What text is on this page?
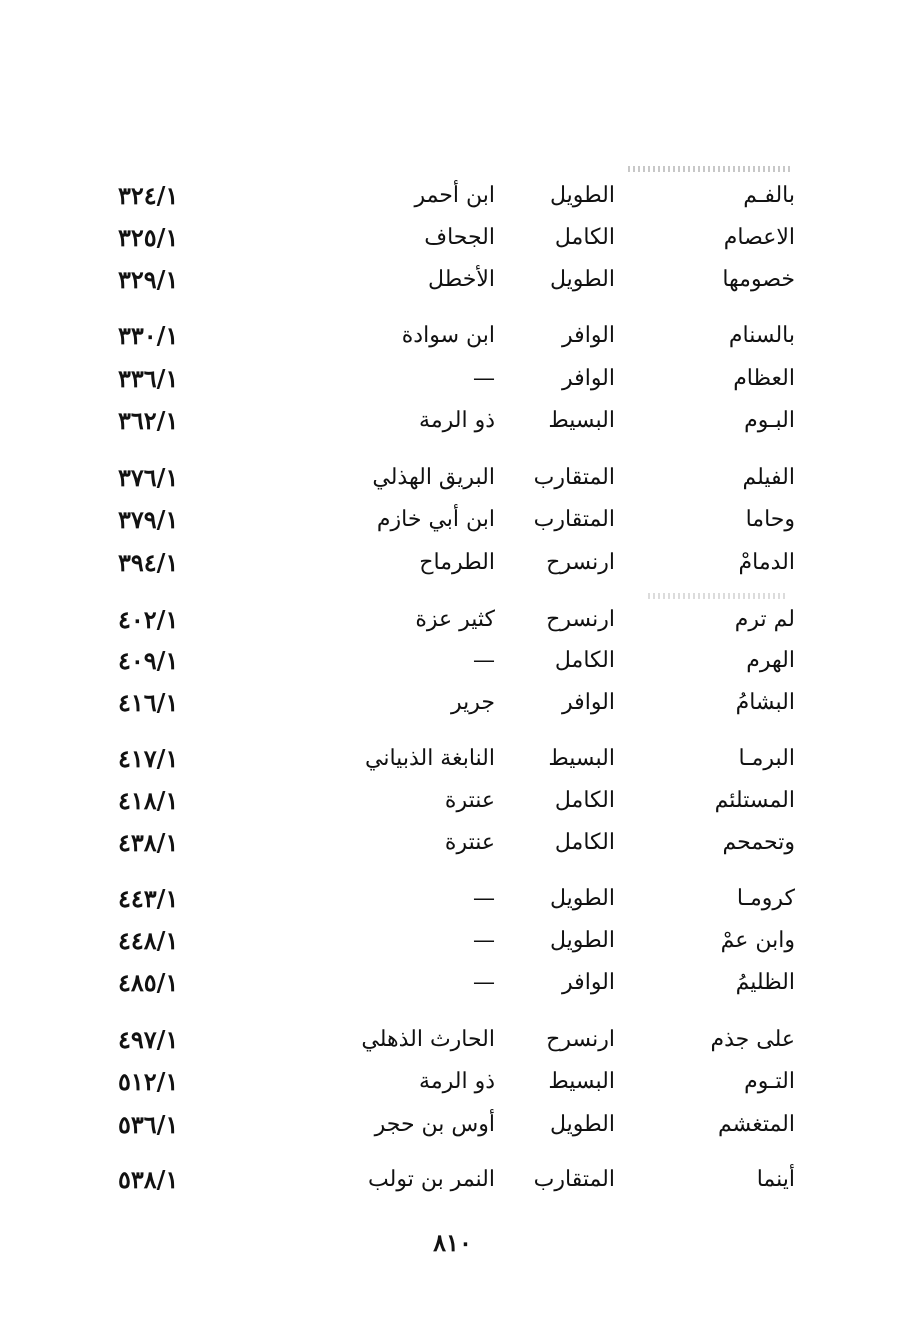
بالفـم
الطويل
ابن أحمر
٣٢٤/١
الاعصام
الكامل
الجحاف
٣٢٥/١
خصومها
الطويل
الأخطل
٣٢٩/١
بالسنام
الوافر
ابن سوادة
٣٣٠/١
العظام
الوافر
—
٣٣٦/١
البـوم
البسيط
ذو الرمة
٣٦٢/١
الفيلم
المتقارب
البريق الهذلي
٣٧٦/١
وحاما
المتقارب
ابن أبي خازم
٣٧٩/١
الدمامْ
ارنسرح
الطرماح
٣٩٤/١
لم ترم
ارنسرح
كثير عزة
٤٠٢/١
الهرم
الكامل
—
٤٠٩/١
البشامُ
الوافر
جرير
٤١٦/١
البرمـا
البسيط
النابغة الذبياني
٤١٧/١
المستلئم
الكامل
عنترة
٤١٨/١
وتحمحم
الكامل
عنترة
٤٣٨/١
كرومـا
الطويل
—
٤٤٣/١
وابن عمْ
الطويل
—
٤٤٨/١
الظليمُ
الوافر
—
٤٨٥/١
على جذم
ارنسرح
الحارث الذهلي
٤٩٧/١
التـوم
البسيط
ذو الرمة
٥١٢/١
المتغشم
الطويل
أوس بن حجر
٥٣٦/١
أينما
المتقارب
النمر بن تولب
٥٣٨/١
٨١٠
